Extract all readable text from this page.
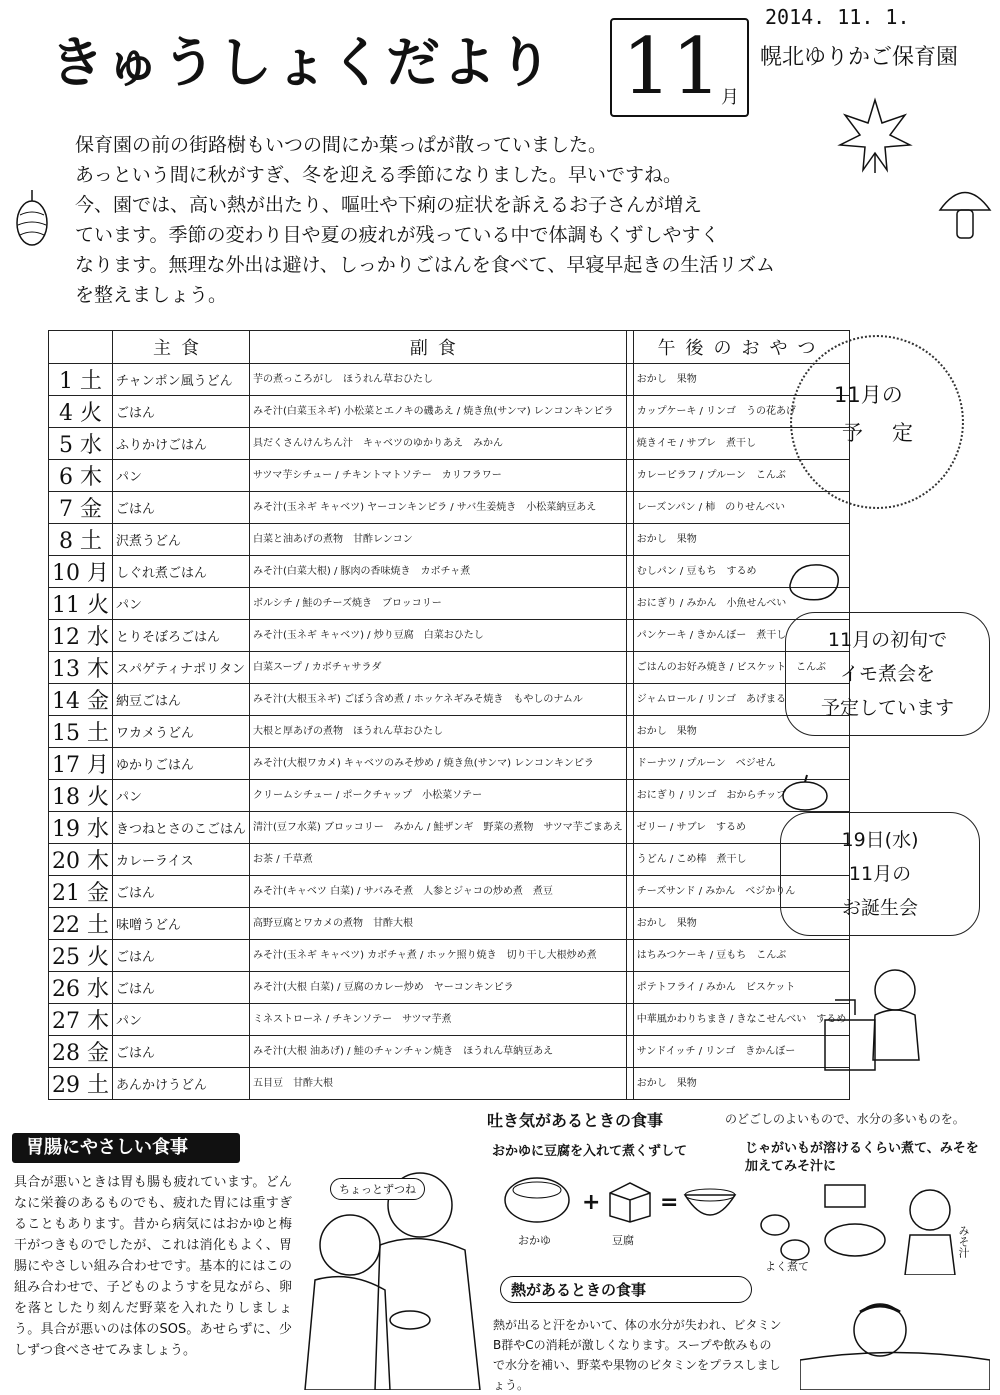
きゅうしょくだより
2014. 11. 1.
幌北ゆりかご保育園
11 月
保育園の前の街路樹もいつの間にか葉っぱが散っていました。
あっという間に秋がすぎ、冬を迎える季節になりました。早いですね。
今、園では、高い熱が出たり、嘔吐や下痢の症状を訴えるお子さんが増え
ています。季節の変わり目や夏の疲れが残っている中で体調もくずしやすく
なります。無理な外出は避け、しっかりごはんを食べて、早寝早起きの生活リズム
を整えましょう。
	主食	副食		午後のおやつ
1 土	チャンポン風うどん	芋の煮っころがし　ほうれん草おひたし		おかし　果物
4 火	ごはん	みそ汁(白菜玉ネギ) 小松菜とエノキの磯あえ / 焼き魚(サンマ) レンコンキンピラ		カップケーキ / リンゴ　うの花あげ
5 水	ふりかけごはん	具だくさんけんちん汁　キャベツのゆかりあえ　みかん		焼きイモ / サブレ　煮干し
6 木	パン	サツマ芋シチュー / チキントマトソテー　カリフラワー		カレーピラフ / プルーン　こんぶ
7 金	ごはん	みそ汁(玉ネギ キャベツ) ヤーコンキンピラ / サバ生姜焼き　小松菜納豆あえ		レーズンパン / 柿　のりせんべい
8 土	沢煮うどん	白菜と油あげの煮物　甘酢レンコン		おかし　果物
10 月	しぐれ煮ごはん	みそ汁(白菜大根) / 豚肉の香味焼き　カボチャ煮		むしパン / 豆もち　するめ
11 火	パン	ボルシチ / 鮭のチーズ焼き　ブロッコリー		おにぎり / みかん　小魚せんべい
12 水	とりそぼろごはん	みそ汁(玉ネギ キャベツ) / 炒り豆腐　白菜おひたし		パンケーキ / きかんぼー　煮干し
13 木	スパゲティナポリタン	白菜スープ / カボチャサラダ		ごはんのお好み焼き / ビスケット　こんぶ
14 金	納豆ごはん	みそ汁(大根玉ネギ) ごぼう含め煮 / ホッケネギみそ焼き　もやしのナムル		ジャムロール / リンゴ　あげまる
15 土	ワカメうどん	大根と厚あげの煮物　ほうれん草おひたし		おかし　果物
17 月	ゆかりごはん	みそ汁(大根ワカメ) キャベツのみそ炒め / 焼き魚(サンマ) レンコンキンピラ		ドーナツ / プルーン　ベジせん
18 火	パン	クリームシチュー / ポークチャップ　小松菜ソテー		おにぎり / リンゴ　おからチップ
19 水	きつねとさのこごはん	清汁(豆フ水菜) ブロッコリー　みかん / 鮭ザンギ　野菜の煮物　サツマ芋ごまあえ		ゼリー / サブレ　するめ
20 木	カレーライス	お茶 / 千草煮		うどん / こめ棒　煮干し
21 金	ごはん	みそ汁(キャベツ 白菜) / サバみそ煮　人参とジャコの炒め煮　煮豆		チーズサンド / みかん　ベジかりん
22 土	味噌うどん	高野豆腐とワカメの煮物　甘酢大根		おかし　果物
25 火	ごはん	みそ汁(玉ネギ キャベツ) カボチャ煮 / ホッケ照り焼き　切り干し大根炒め煮		はちみつケーキ / 豆もち　こんぶ
26 水	ごはん	みそ汁(大根 白菜) / 豆腐のカレー炒め　ヤーコンキンピラ		ポテトフライ / みかん　ビスケット
27 木	パン	ミネストローネ / チキンソテー　サツマ芋煮		中華風かわりちまき / きなこせんべい　するめ
28 金	ごはん	みそ汁(大根 油あげ) / 鮭のチャンチャン焼き　ほうれん草納豆あえ		サンドイッチ / リンゴ　きかんぼー
29 土	あんかけうどん	五目豆　甘酢大根		おかし　果物
11月の
予 定
11月の初旬で
イモ煮会を
予定しています
19日(水)
11月の
お誕生会
胃腸にやさしい食事
具合が悪いときは胃も腸も疲れています。どんなに栄養のあるものでも、疲れた胃には重すぎることもあります。昔から病気にはおかゆと梅干がつきものでしたが、これは消化もよく、胃腸にやさしい組み合わせです。基本的にはこの組み合わせで、子どものようすを見ながら、卵を落としたり刻んだ野菜を入れたりしましょう。具合が悪いのは体のSOS。あせらずに、少しずつ食べさせてみましょう。
ちょっとずつね
吐き気があるときの食事	のどごしのよいもので、水分の多いものを。
おかゆに豆腐を入れて煮くずして
おかゆ
+
豆腐
=
じゃがいもが溶けるくらい煮て、みそを加えてみそ汁に
よく煮て
みそ汁
熱があるときの食事
熱が出ると汗をかいて、体の水分が失われ、ビタミンB群やCの消耗が激しくなります。スープや飲みもので水分を補い、野菜や果物のビタミンをプラスしましょう。
